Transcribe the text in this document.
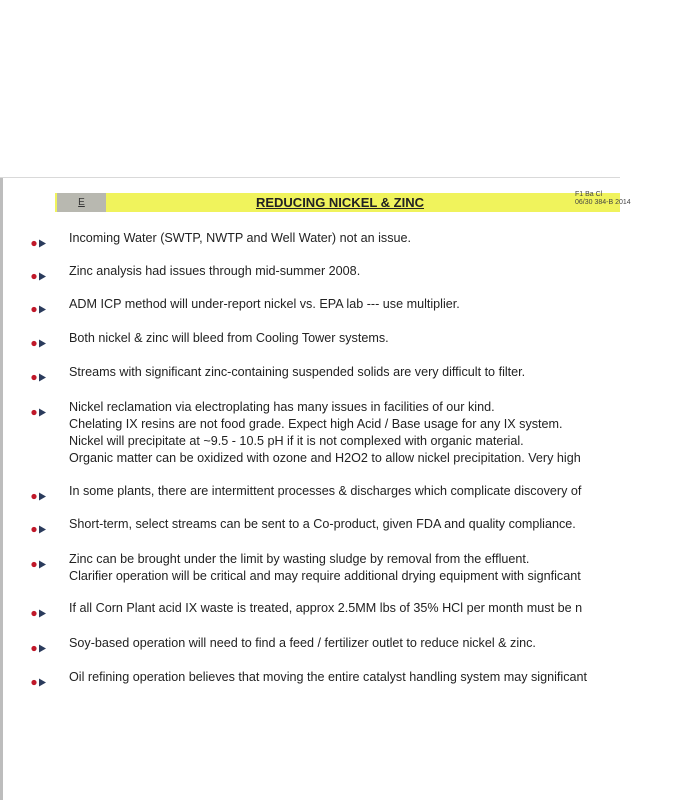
E	REDUCING NICKEL & ZINC
F1 Ba Cl
06/30 384-B 2014
Incoming Water (SWTP, NWTP and Well Water) not an issue.
Zinc analysis had issues through mid-summer 2008.
ADM ICP method will under-report nickel vs. EPA lab --- use multiplier.
Both nickel & zinc will bleed from Cooling Tower systems.
Streams with significant zinc-containing suspended solids are very difficult to filter.
Nickel reclamation via electroplating has many issues in facilities of our kind.
Chelating IX resins are not food grade. Expect high Acid / Base usage for any IX system.
Nickel will precipitate at ~9.5 - 10.5 pH if it is not complexed with organic material.
Organic matter can be oxidized with ozone and H2O2 to allow nickel precipitation. Very high
In some plants, there are intermittent processes & discharges which complicate discovery of
Short-term, select streams can be sent to a Co-product, given FDA and quality compliance.
Zinc can be brought under the limit by wasting sludge by removal from the effluent.
Clarifier operation will be critical and may require additional drying equipment with signficant
If all Corn Plant acid IX waste is treated, approx 2.5MM lbs of 35% HCl per month must be n
Soy-based operation will need to find a feed / fertilizer outlet to reduce nickel & zinc.
Oil refining operation believes that moving the entire catalyst handling system may significant
